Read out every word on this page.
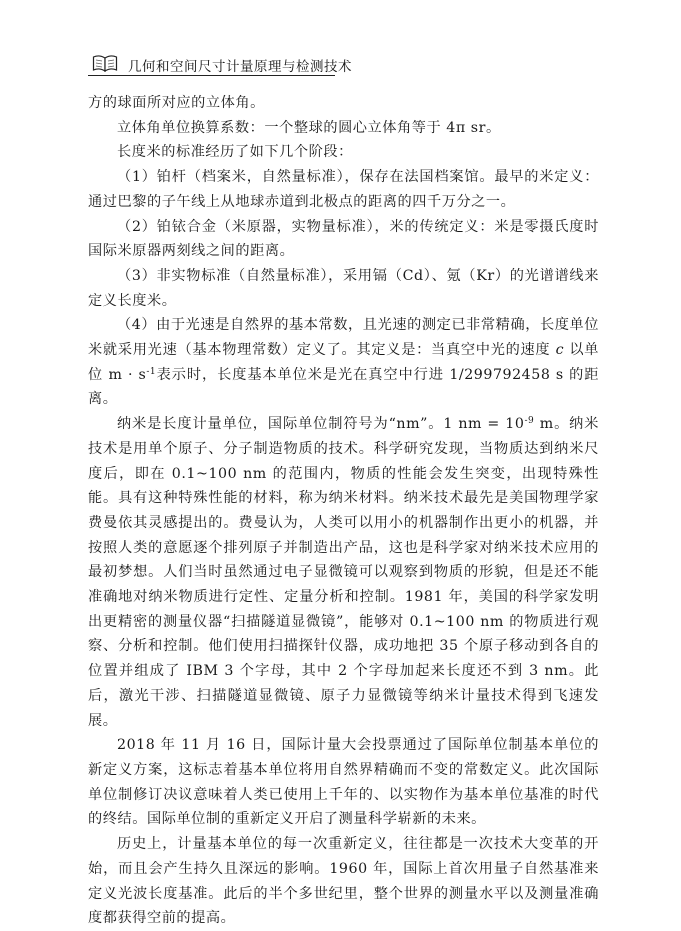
几何和空间尺寸计量原理与检测技术

方的球面所对应的立体角。

立体角单位换算系数：一个整球的圆心立体角等于 4π sr。

长度米的标准经历了如下几个阶段：

（1）铂杆（档案米，自然量标准），保存在法国档案馆。最早的米定义：通过巴黎的子午线上从地球赤道到北极点的距离的四千万分之一。

（2）铂铱合金（米原器，实物量标准），米的传统定义：米是零摄氏度时国际米原器两刻线之间的距离。

（3）非实物标准（自然量标准），采用镉（Cd）、氪（Kr）的光谱谱线来定义长度米。

（4）由于光速是自然界的基本常数，且光速的测定已非常精确，长度单位米就采用光速（基本物理常数）定义了。其定义是：当真空中光的速度 c 以单位 $m \cdot s^{-1}$表示时，长度基本单位米是光在真空中行进 1/299792458 s 的距离。

纳米是长度计量单位，国际单位制符号为“nm”。1 nm = $10^{-9}$ m。纳米技术是用单个原子、分子制造物质的技术。科学研究发现，当物质达到纳米尺度后，即在 0.1~100 nm 的范围内，物质的性能会发生突变，出现特殊性能。具有这种特殊性能的材料，称为纳米材料。纳米技术最先是美国物理学家费曼依其灵感提出的。费曼认为，人类可以用小的机器制作出更小的机器，并按照人类的意愿逐个排列原子并制造出产品，这也是科学家对纳米技术应用的最初梦想。人们当时虽然通过电子显微镜可以观察到物质的形貌，但是还不能准确地对纳米物质进行定性、定量分析和控制。1981 年，美国的科学家发明出更精密的测量仪器“扫描隧道显微镜”，能够对 0.1~100 nm 的物质进行观察、分析和控制。他们使用扫描探针仪器，成功地把 35 个原子移动到各自的位置并组成了 IBM 3 个字母，其中 2 个字母加起来长度还不到 3 nm。此后，激光干涉、扫描隧道显微镜、原子力显微镜等纳米计量技术得到飞速发展。

2018 年 11 月 16 日，国际计量大会投票通过了国际单位制基本单位的新定义方案，这标志着基本单位将用自然界精确而不变的常数定义。此次国际单位制修订决议意味着人类已使用上千年的、以实物作为基本单位基准的时代的终结。国际单位制的重新定义开启了测量科学崭新的未来。

历史上，计量基本单位的每一次重新定义，往往都是一次技术大变革的开始，而且会产生持久且深远的影响。1960 年，国际上首次用量子自然基准来定义光波长度基准。此后的半个多世纪里，整个世界的测量水平以及测量准确度都获得空前的提高。
